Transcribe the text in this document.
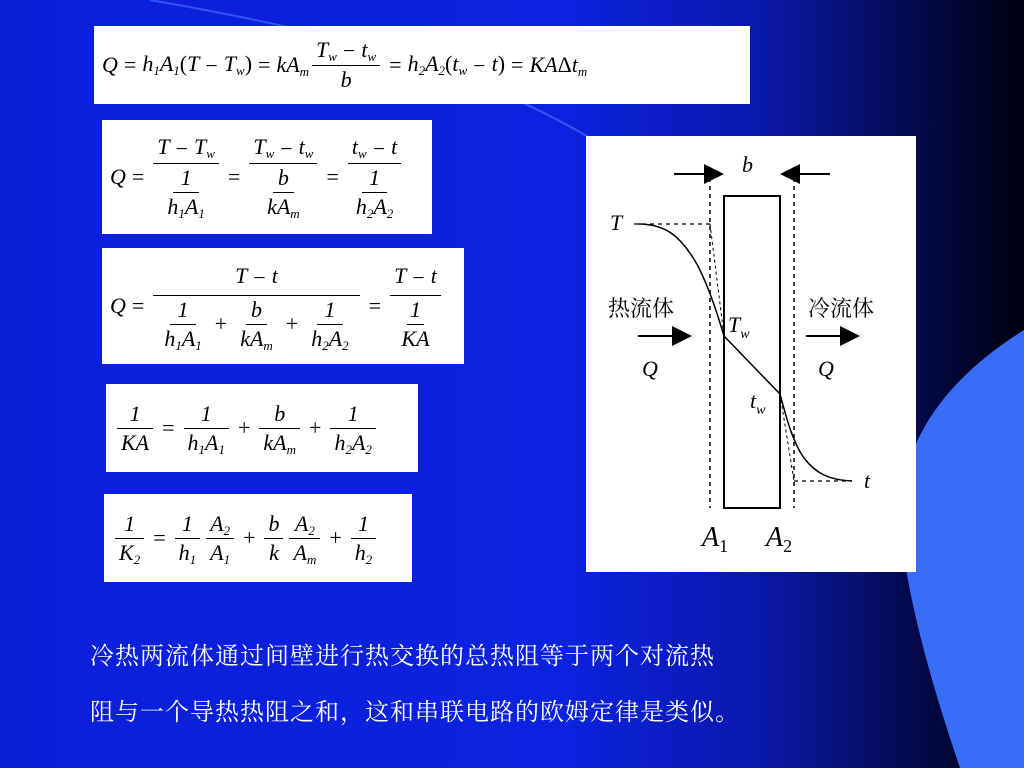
$Q = h_1A_1(T - T_w) = kA_m \frac{T_w - t_w}{b} = h_2A_2(t_w - t) = KA\Delta t_m$
$Q = \frac{T - T_w}{\frac{1}{h_1A_1}} = \frac{T_w - t_w}{\frac{b}{kA_m}} = \frac{t_w - t}{\frac{1}{h_2A_2}}$
$Q = \frac{T - t}{\frac{1}{h_1A_1} + \frac{b}{kA_m} + \frac{1}{h_2A_2}} = \frac{T - t}{\frac{1}{KA}}$
$\frac{1}{KA} = \frac{1}{h_1A_1} + \frac{b}{kA_m} + \frac{1}{h_2A_2}$
$\frac{1}{K_2} = \frac{1}{h_1} \frac{A_2}{A_1} + \frac{b}{k} \frac{A_2}{A_m} + \frac{1}{h_2}$
b
T
热流体	冷流体
Q	Q
$T_w$
$t_w$
t
$A_1$ $A_2$
冷热两流体通过间壁进行热交换的总热阻等于两个对流热
阻与一个导热热阻之和，这和串联电路的欧姆定律是类似。
